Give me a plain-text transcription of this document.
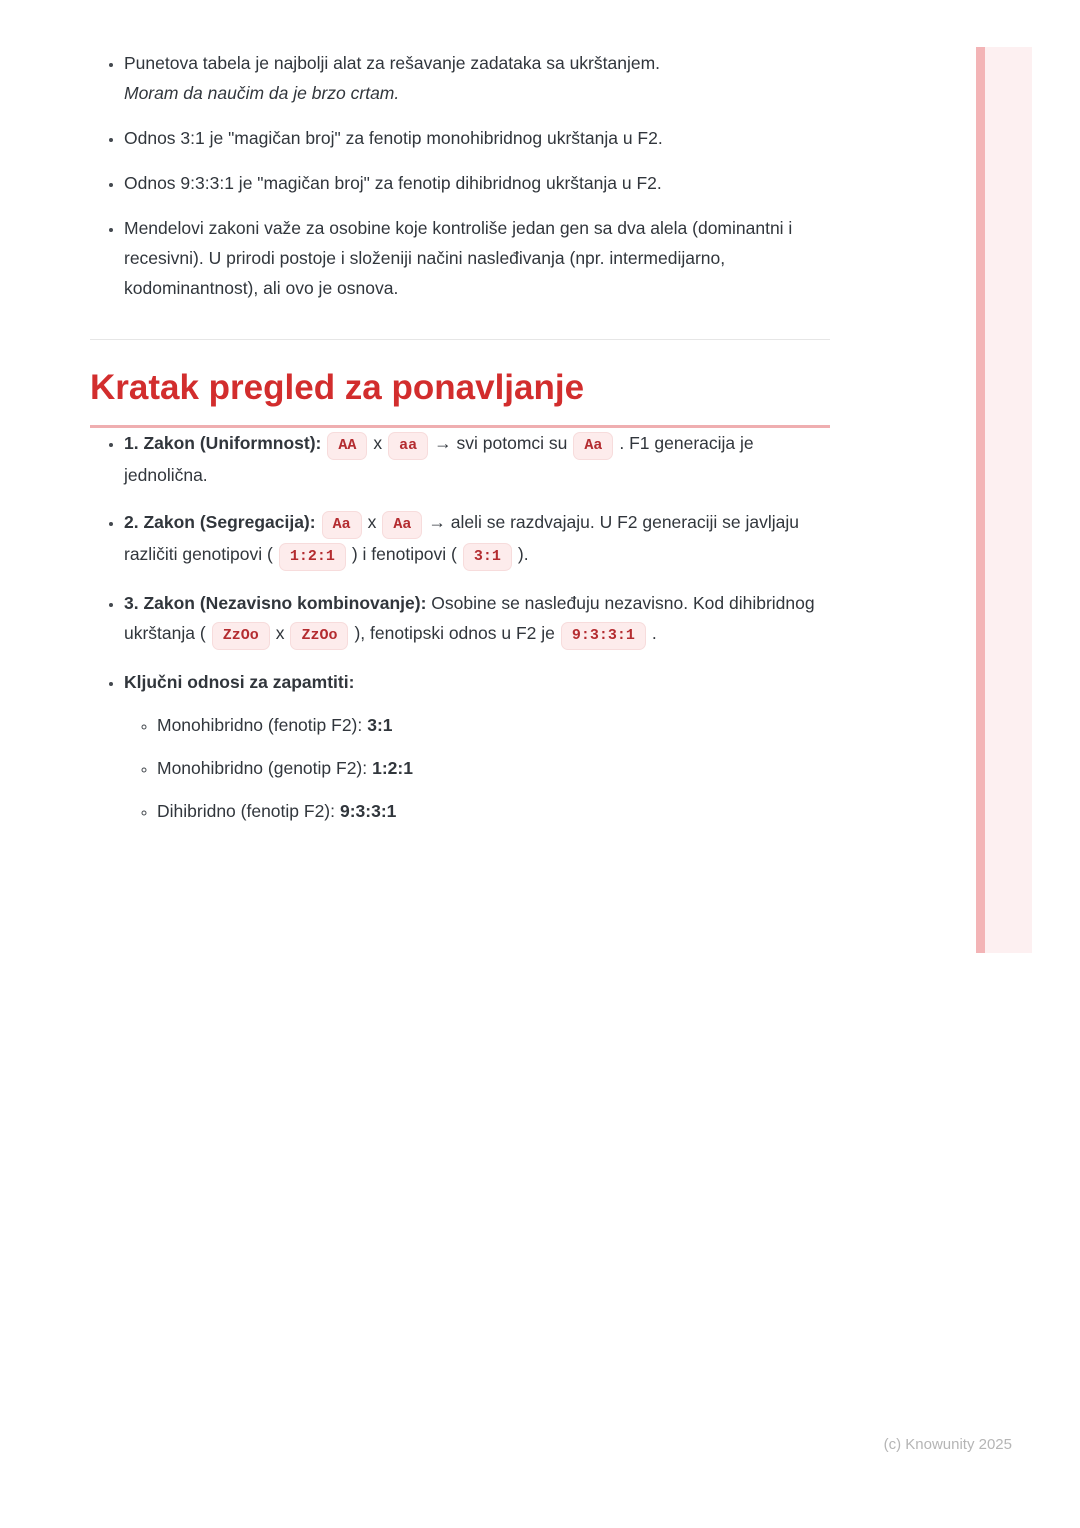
• Punetova tabela je najbolji alat za rešavanje zadataka sa ukrštanjem.
Moram da naučim da je brzo crtam.
• Odnos 3:1 je "magičan broj" za fenotip monohibridnog ukrštanja u F2.
• Odnos 9:3:3:1 je "magičan broj" za fenotip dihibridnog ukrštanja u F2.
• Mendelovi zakoni važe za osobine koje kontroliše jedan gen sa dva alela (dominantni i recesivni). U prirodi postoje i složeniji načini nasleđivanja (npr. intermedijarno, kodominantnost), ali ovo je osnova.
Kratak pregled za ponavljanje
• 1. Zakon (Uniformnost): AA x aa → svi potomci su Aa . F1 generacija je jednolična.
• 2. Zakon (Segregacija): Aa x Aa → aleli se razdvajaju. U F2 generaciji se javljaju različiti genotipovi ( 1:2:1 ) i fenotipovi ( 3:1 ).
• 3. Zakon (Nezavisno kombinovanje): Osobine se nasleđuju nezavisno. Kod dihibridnog ukrštanja ( ZzOo x ZzOo ), fenotipski odnos u F2 je 9:3:3:1 .
• Ključni odnosi za zapamtiti:
◦ Monohibridno (fenotip F2): 3:1
◦ Monohibridno (genotip F2): 1:2:1
◦ Dihibridno (fenotip F2): 9:3:3:1
(c) Knowunity 2025
